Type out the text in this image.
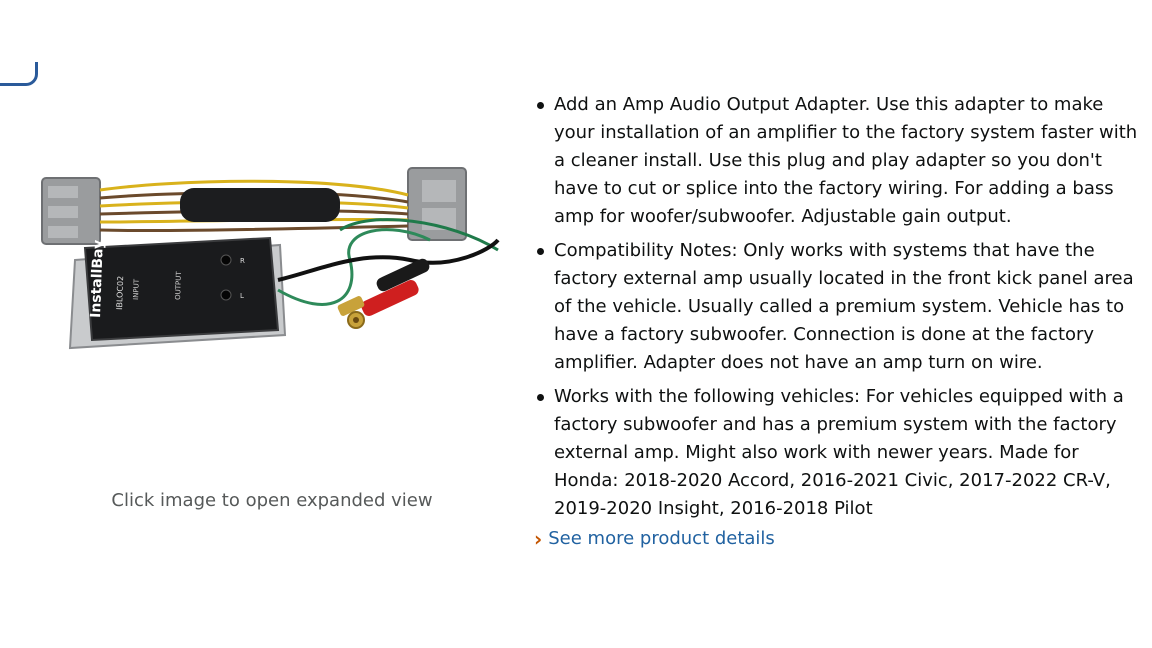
InstallBay IBLOC02 INPUT	OUTPUT
R
L
Click image to open expanded view
Add an Amp Audio Output Adapter. Use this adapter to make your installation of an amplifier to the factory system faster with a cleaner install. Use this plug and play adapter so you don't have to cut or splice into the factory wiring. For adding a bass amp for woofer/subwoofer. Adjustable gain output.
Compatibility Notes: Only works with systems that have the factory external amp usually located in the front kick panel area of the vehicle. Usually called a premium system. Vehicle has to have a factory subwoofer. Connection is done at the factory amplifier. Adapter does not have an amp turn on wire.
Works with the following vehicles: For vehicles equipped with a factory subwoofer and has a premium system with the factory external amp. Might also work with newer years. Made for Honda: 2018-2020 Accord, 2016-2021 Civic, 2017-2022 CR-V, 2019-2020 Insight, 2016-2018 Pilot
› See more product details
